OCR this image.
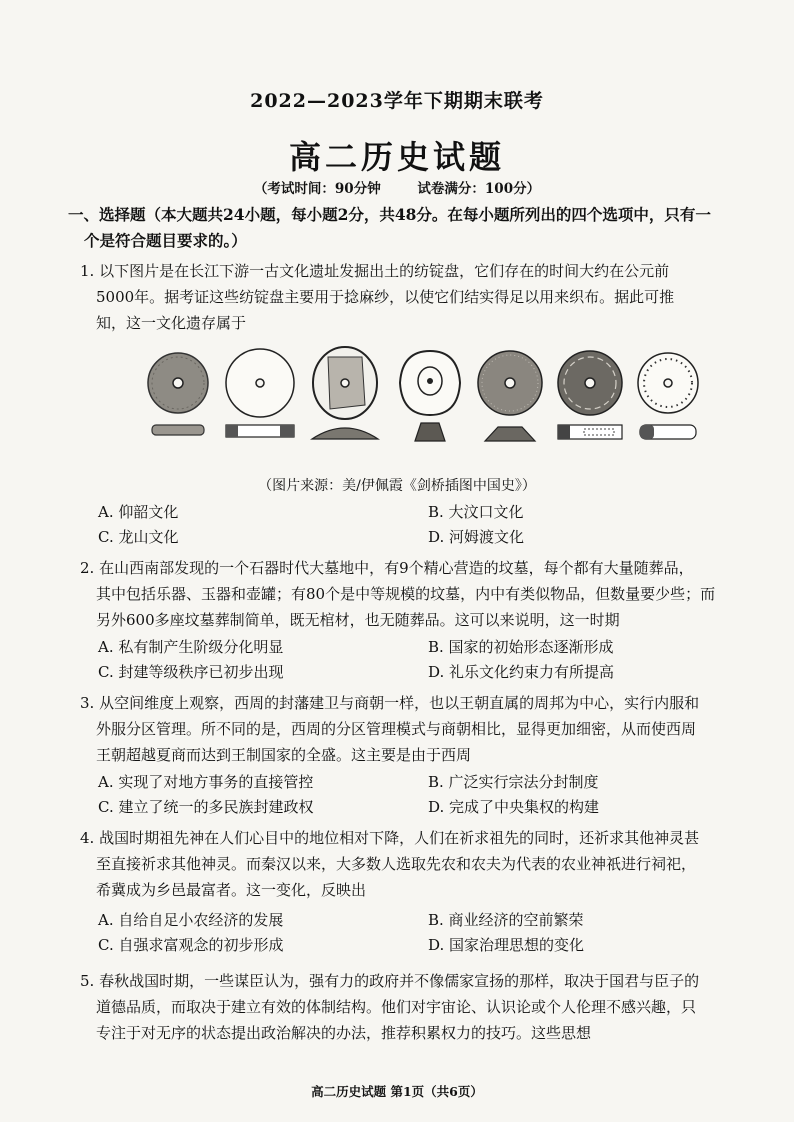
2022—2023学年下期期末联考
高二历史试题
（考试时间：90分钟	试卷满分：100分）
一、选择题（本大题共24小题，每小题2分，共48分。在每小题所列出的四个选项中，只有一
个是符合题目要求的。）
1. 以下图片是在长江下游一古文化遗址发掘出土的纺锭盘，它们存在的时间大约在公元前
5000年。据考证这些纺锭盘主要用于捻麻纱，以使它们结实得足以用来织布。据此可推
知，这一文化遗存属于
（图片来源：美/伊佩霞《剑桥插图中国史》）
A. 仰韶文化	B. 大汶口文化
C. 龙山文化	D. 河姆渡文化
2. 在山西南部发现的一个石器时代大墓地中，有9个精心营造的坟墓，每个都有大量随葬品，
其中包括乐器、玉器和壶罐；有80个是中等规模的坟墓，内中有类似物品，但数量要少些；而
另外600多座坟墓葬制简单，既无棺材，也无随葬品。这可以来说明，这一时期
A. 私有制产生阶级分化明显	B. 国家的初始形态逐渐形成
C. 封建等级秩序已初步出现	D. 礼乐文化约束力有所提高
3. 从空间维度上观察，西周的封藩建卫与商朝一样，也以王朝直属的周邦为中心，实行内服和
外服分区管理。所不同的是，西周的分区管理模式与商朝相比，显得更加细密，从而使西周
王朝超越夏商而达到王制国家的全盛。这主要是由于西周
A. 实现了对地方事务的直接管控	B. 广泛实行宗法分封制度
C. 建立了统一的多民族封建政权	D. 完成了中央集权的构建
4. 战国时期祖先神在人们心目中的地位相对下降，人们在祈求祖先的同时，还祈求其他神灵甚
至直接祈求其他神灵。而秦汉以来，大多数人选取先农和农夫为代表的农业神祇进行祠祀，
希冀成为乡邑最富者。这一变化，反映出
A. 自给自足小农经济的发展	B. 商业经济的空前繁荣
C. 自强求富观念的初步形成	D. 国家治理思想的变化
5. 春秋战国时期，一些谋臣认为，强有力的政府并不像儒家宣扬的那样，取决于国君与臣子的
道德品质，而取决于建立有效的体制结构。他们对宇宙论、认识论或个人伦理不感兴趣，只
专注于对无序的状态提出政治解决的办法，推荐积累权力的技巧。这些思想
高二历史试题 第1页（共6页）
